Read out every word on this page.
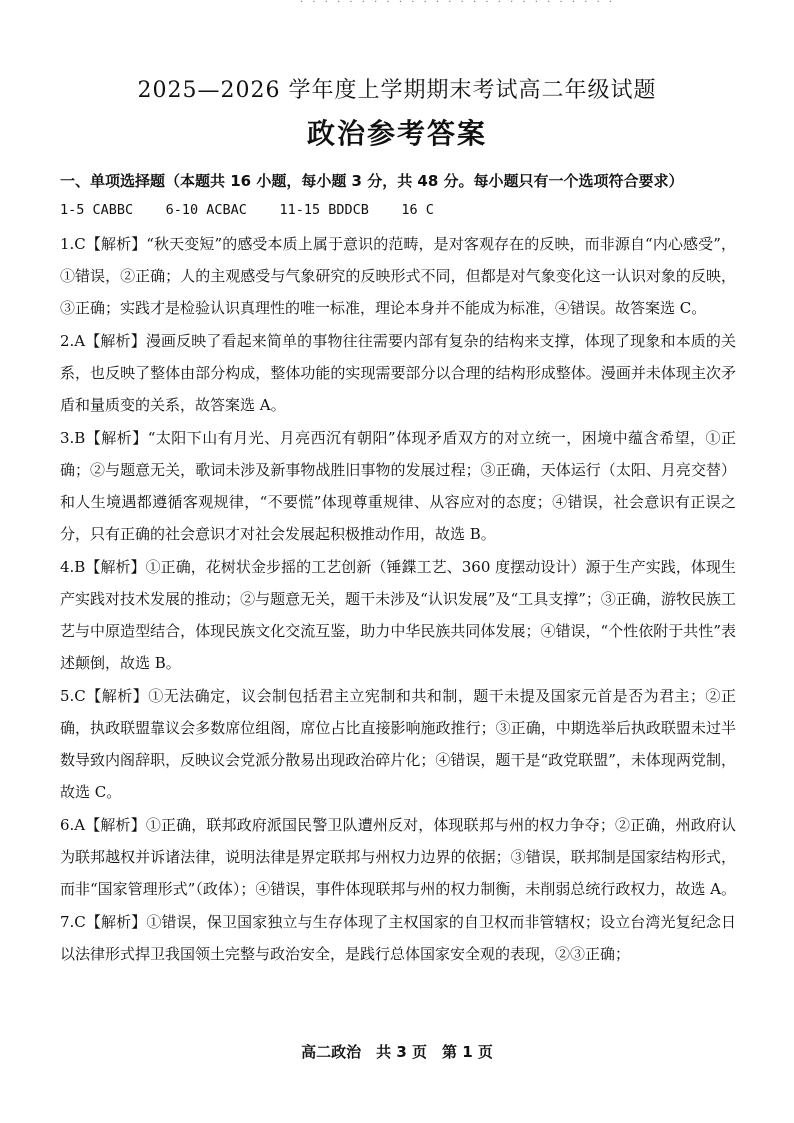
· · · · · · · · · · · · · · · · · · · · · · · · · ·
2025—2026 学年度上学期期末考试高二年级试题
政治参考答案
一、单项选择题（本题共 16 小题，每小题 3 分，共 48 分。每小题只有一个选项符合要求）
1-5 CABBC    6-10 ACBAC    11-15 BDDCB    16 C

1.C【解析】“秋天变短”的感受本质上属于意识的范畴，是对客观存在的反映，而非源自“内心感受”，①错误，②正确；人的主观感受与气象研究的反映形式不同，但都是对气象变化这一认识对象的反映，③正确；实践才是检验认识真理性的唯一标准，理论本身并不能成为标准，④错误。故答案选 C。

2.A【解析】漫画反映了看起来简单的事物往往需要内部有复杂的结构来支撑，体现了现象和本质的关系，也反映了整体由部分构成，整体功能的实现需要部分以合理的结构形成整体。漫画并未体现主次矛盾和量质变的关系，故答案选 A。

3.B【解析】“太阳下山有月光、月亮西沉有朝阳”体现矛盾双方的对立统一，困境中蕴含希望，①正确；②与题意无关，歌词未涉及新事物战胜旧事物的发展过程；③正确，天体运行（太阳、月亮交替）和人生境遇都遵循客观规律，“不要慌”体现尊重规律、从容应对的态度；④错误，社会意识有正误之分，只有正确的社会意识才对社会发展起积极推动作用，故选 B。

4.B【解析】①正确，花树状金步摇的工艺创新（锤鍱工艺、360 度摆动设计）源于生产实践，体现生产实践对技术发展的推动；②与题意无关，题干未涉及“认识发展”及“工具支撑”；③正确，游牧民族工艺与中原造型结合，体现民族文化交流互鉴，助力中华民族共同体发展；④错误，“个性依附于共性”表述颠倒，故选 B。

5.C【解析】①无法确定，议会制包括君主立宪制和共和制，题干未提及国家元首是否为君主；②正确，执政联盟靠议会多数席位组阁，席位占比直接影响施政推行；③正确，中期选举后执政联盟未过半数导致内阁辞职，反映议会党派分散易出现政治碎片化；④错误，题干是“政党联盟”，未体现两党制，故选 C。

6.A【解析】①正确，联邦政府派国民警卫队遭州反对，体现联邦与州的权力争夺；②正确，州政府认为联邦越权并诉诸法律，说明法律是界定联邦与州权力边界的依据；③错误，联邦制是国家结构形式，而非“国家管理形式”（政体）；④错误，事件体现联邦与州的权力制衡，未削弱总统行政权力，故选 A。

7.C【解析】①错误，保卫国家独立与生存体现了主权国家的自卫权而非管辖权；设立台湾光复纪念日以法律形式捍卫我国领土完整与政治安全，是践行总体国家安全观的表现，②③正确；

高二政治　共 3 页　第 1 页
